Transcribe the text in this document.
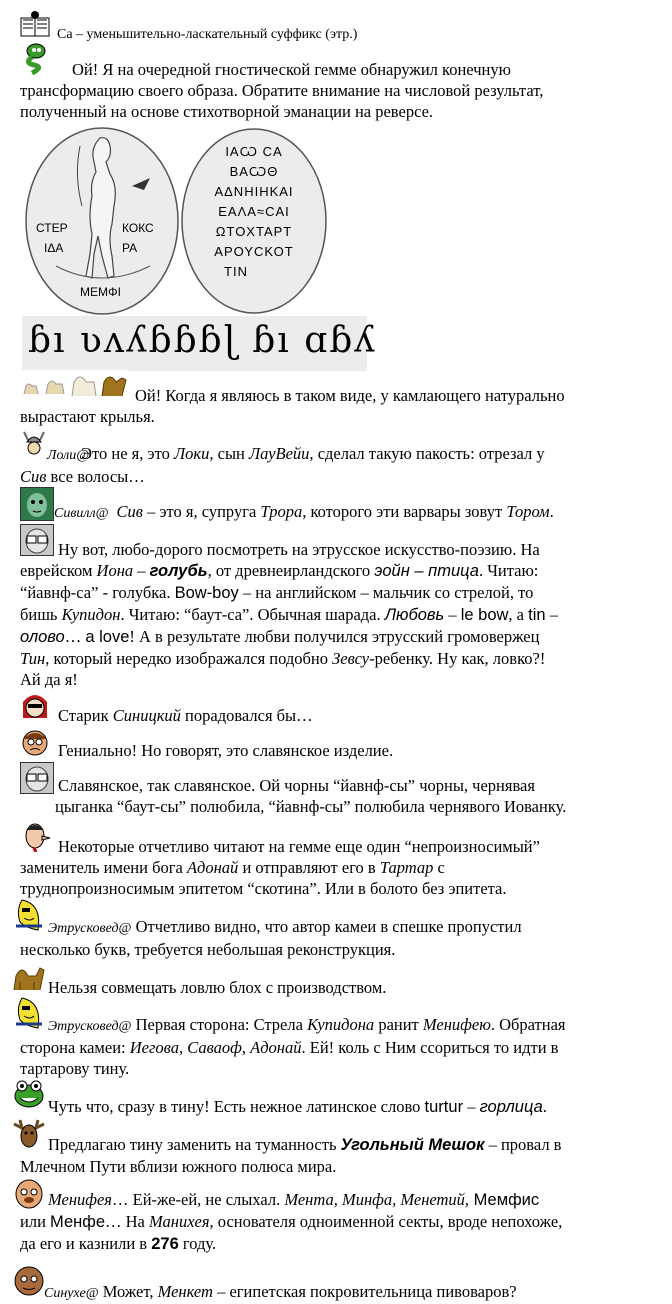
Са – уменьшительно-ласкательный суффикс (этр.)
Ой! Я на очередной гностической гемме обнаружил конечную
трансформацию своего образа. Обратите внимание на числовой результат,
полученный на основе стихотворной эманации на реверсе.
СТЕР	КОКС
ΙΔΑ	ΡΑ
ΜΕΜΦΙ
ΙΑѠ СΑ
ΒΑѠΘ
ΑΔΝΗΙΗΚΑΙ
ΕΑΛΑ≈СΑΙ
ΩΤΟΧΤΑΡΤ
ΑΡΟΥСΚΟΤ
ΤΙΝ
ɓı ʋʌʎɓɓɓɭ ɓı ɑɓʎ
Ой! Когда я являюсь в таком виде, у камлающего натурально
вырастают крылья.
Лоли@ Это не я, это Локи, сын ЛауВейи, сделал такую пакость: отрезал у
Сив все волосы…
Сивилл@ Сив – это я, супруга Трора, которого эти варвары зовут Тором.
Ну вот, любо-дорого посмотреть на этрусское искусство-поэзию. На
еврейском Иона – голубь, от древнеирландского эойн – птица. Читаю:
“йавнф-са” - голубка. Bow-boy – на английском – мальчик со стрелой, то
бишь Купидон. Читаю: “баут-са”. Обычная шарада. Любовь – le bow, а tin –
олово… a love! А в результате любви получился этрусский громовержец
Тин, который нередко изображался подобно Зевсу-ребенку. Ну как, ловко?!
Ай да я!
Старик Синицкий порадовался бы…
Гениально! Но говорят, это славянское изделие.
Славянское, так славянское. Ой чорны “йавнф-сы” чорны, чернявая
цыганка “баут-сы” полюбила, “йавнф-сы” полюбила чернявого Иованку.
Некоторые отчетливо читают на гемме еще один “непроизносимый”
заменитель имени бога Адонай и отправляют его в Тартар с
труднопроизносимым эпитетом “скотина”. Или в болото без эпитета.
Этрусковед@ Отчетливо видно, что автор камеи в спешке пропустил
несколько букв, требуется небольшая реконструкция.
Нельзя совмещать ловлю блох с производством.
Этрусковед@ Первая сторона: Стрела Купидона ранит Менифею. Обратная
сторона камеи: Иегова, Саваоф, Адонай. Ей! коль с Ним ссориться то идти в
тартарову тину.
Чуть что, сразу в тину! Есть нежное латинское слово turtur – горлица.
Предлагаю тину заменить на туманность Угольный Мешок – провал в
Млечном Пути вблизи южного полюса мира.
Менифея… Ей-же-ей, не слыхал. Мента, Минфа, Менетий, Мемфис
или Менфе… На Манихея, основателя одноименной секты, вроде непохоже,
да его и казнили в 276 году.
Синухе@ Может, Менкет – египетская покровительница пивоваров?
